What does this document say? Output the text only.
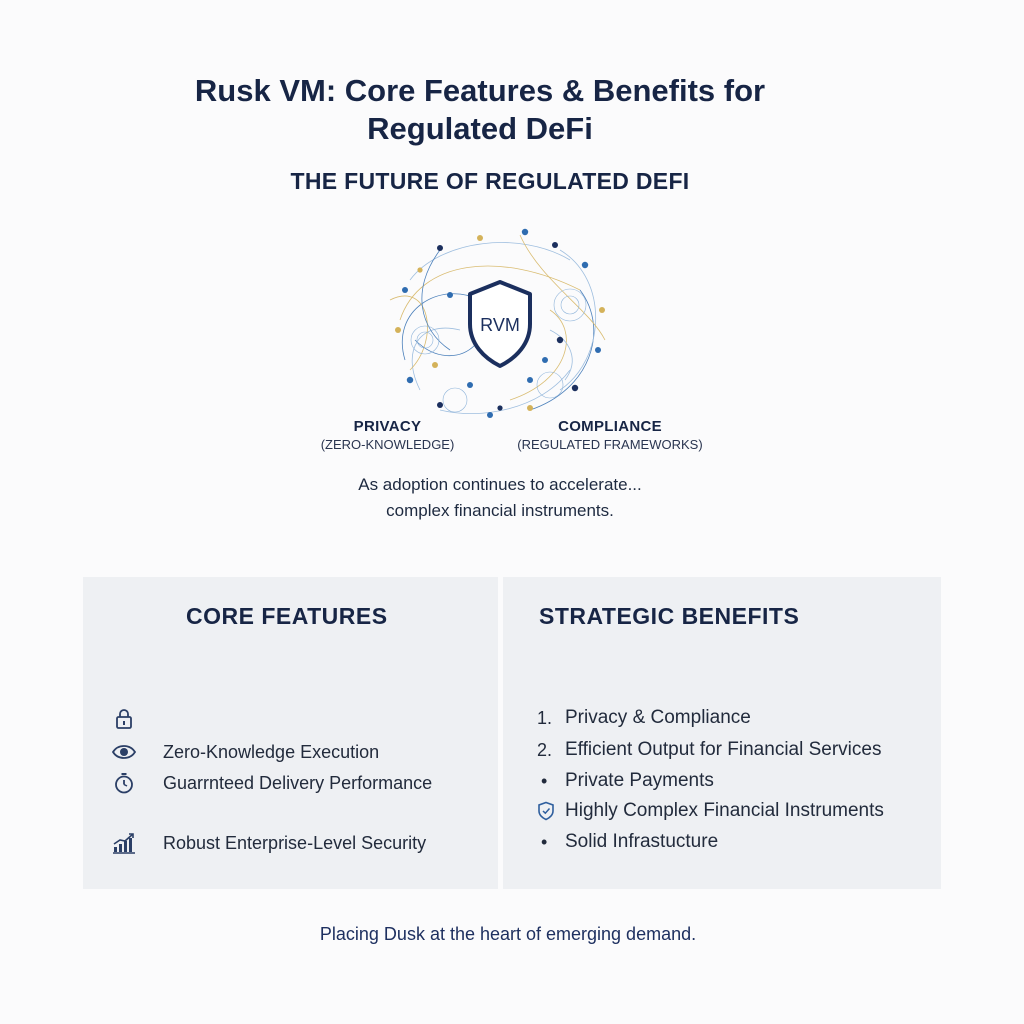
Rusk VM: Core Features & Benefits for
Regulated DeFi
THE FUTURE OF REGULATED DEFI
RVM
PRIVACY
(ZERO-KNOWLEDGE)
COMPLIANCE
(REGULATED FRAMEWORKS)
As adoption continues to accelerate...
complex financial instruments.
CORE FEATURES
Zero-Knowledge Execution
Guarrnteed Delivery Performance
Robust Enterprise-Level Security
STRATEGIC BENEFITS
1. Privacy & Compliance
2. Efficient Output for Financial Services
• Private Payments
Highly Complex Financial Instruments
• Solid Infrastucture
Placing Dusk at the heart of emerging demand.
